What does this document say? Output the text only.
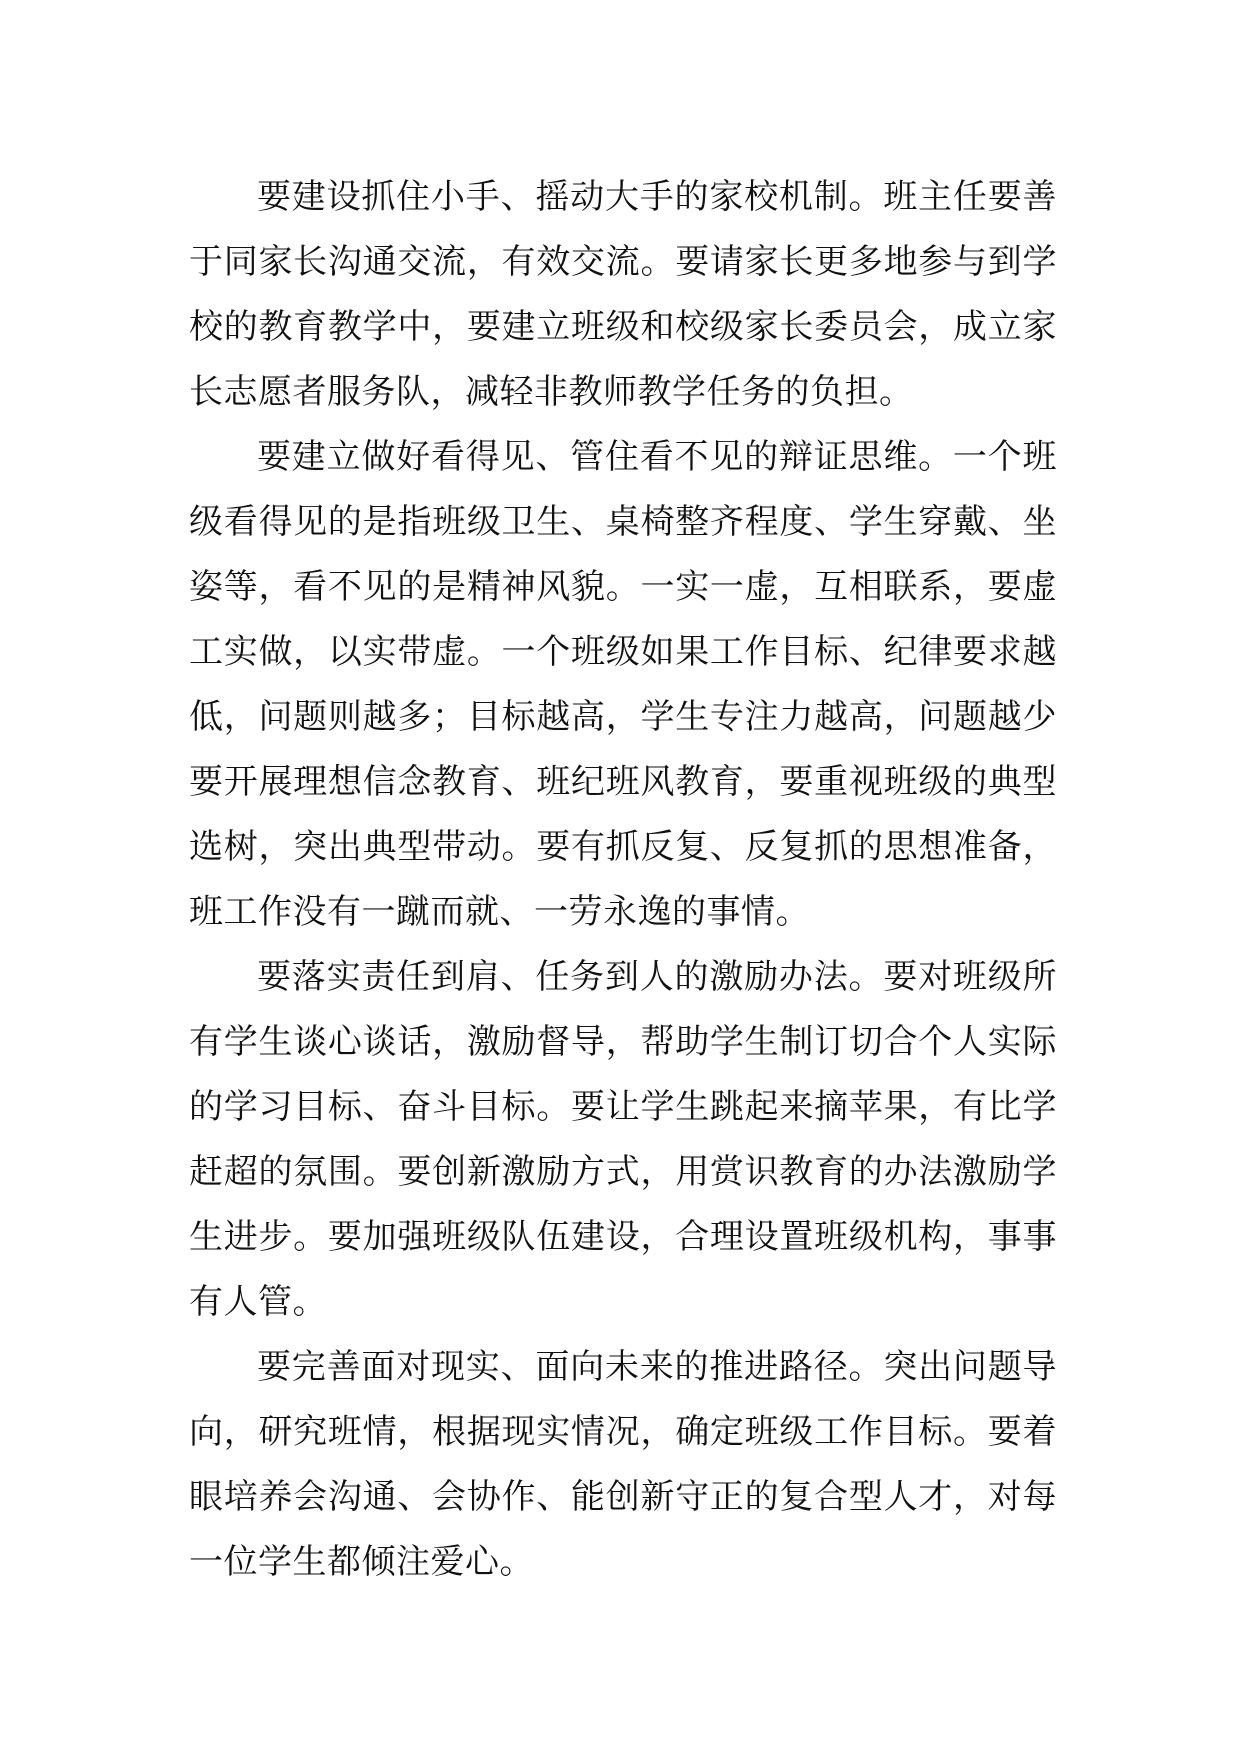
要建设抓住小手、摇动大手的家校机制。班主任要善于同家长沟通交流，有效交流。要请家长更多地参与到学校的教育教学中，要建立班级和校级家长委员会，成立家长志愿者服务队，减轻非教师教学任务的负担。

要建立做好看得见、管住看不见的辩证思维。一个班级看得见的是指班级卫生、桌椅整齐程度、学生穿戴、坐姿等，看不见的是精神风貌。一实一虚，互相联系，要虚工实做，以实带虚。一个班级如果工作目标、纪律要求越低，问题则越多；目标越高，学生专注力越高，问题越少要开展理想信念教育、班纪班风教育，要重视班级的典型选树，突出典型带动。要有抓反复、反复抓的思想准备，班工作没有一蹴而就、一劳永逸的事情。

要落实责任到肩、任务到人的激励办法。要对班级所有学生谈心谈话，激励督导，帮助学生制订切合个人实际的学习目标、奋斗目标。要让学生跳起来摘苹果，有比学赶超的氛围。要创新激励方式，用赏识教育的办法激励学生进步。要加强班级队伍建设，合理设置班级机构，事事有人管。

要完善面对现实、面向未来的推进路径。突出问题导向，研究班情，根据现实情况，确定班级工作目标。要着眼培养会沟通、会协作、能创新守正的复合型人才，对每一位学生都倾注爱心。
